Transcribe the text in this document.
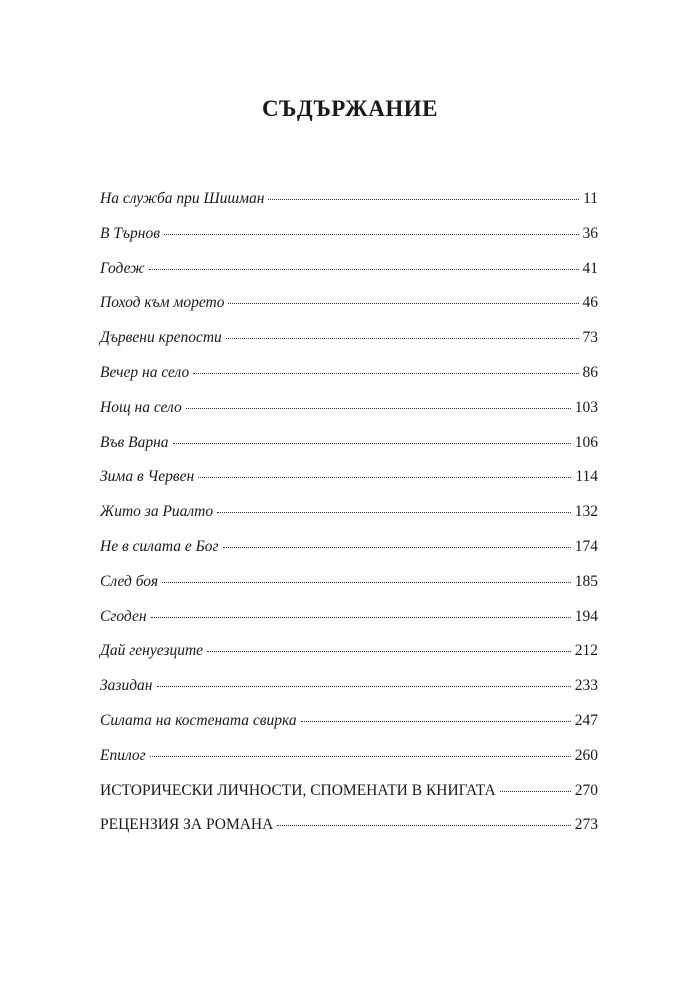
СЪДЪРЖАНИЕ
На служба при Шишман	11
В Търнов	36
Годеж	41
Поход към морето	46
Дървени крепости	73
Вечер на село	86
Нощ на село	103
Във Варна	106
Зима в Червен	114
Жито за Риалто	132
Не в силата е Бог	174
След боя	185
Сгоден	194
Дай генуезците	212
Зазидан	233
Силата на костената свирка	247
Епилог	260
ИСТОРИЧЕСКИ ЛИЧНОСТИ, СПОМЕНАТИ В КНИГАТА	270
РЕЦЕНЗИЯ ЗА РОМАНА	273
